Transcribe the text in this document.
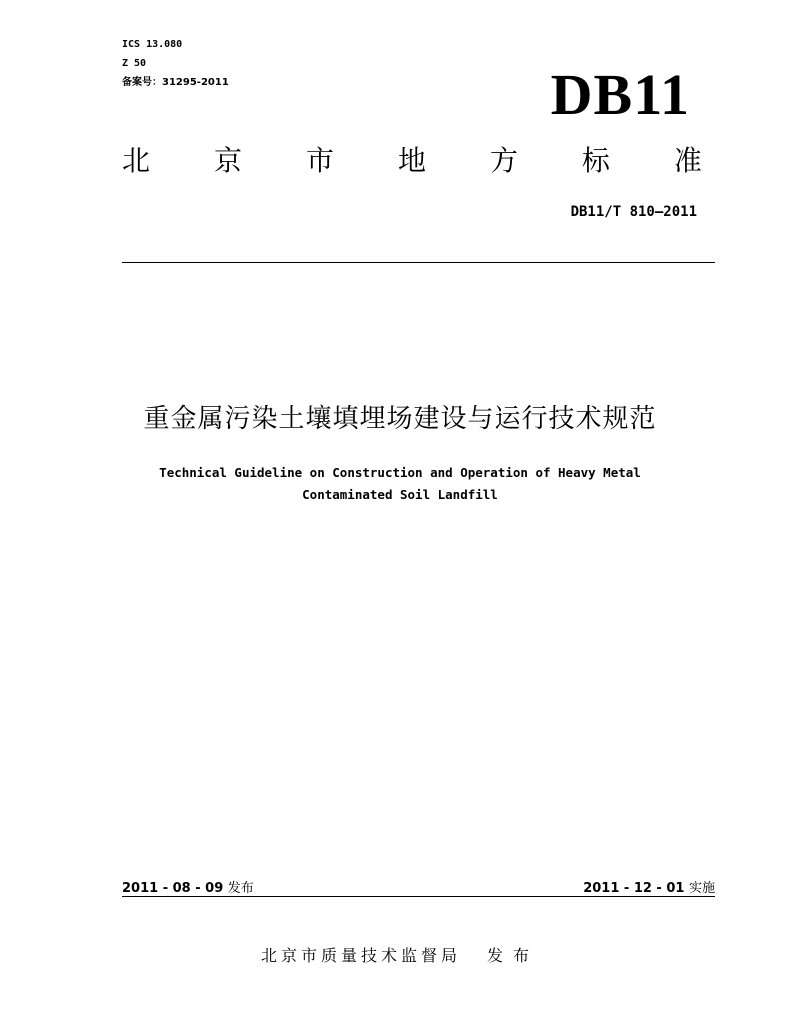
ICS 13.080
Z 50
备案号：31295-2011	DB11
北 京 市 地 方 标 准
DB11/T 810—2011
重金属污染土壤填埋场建设与运行技术规范
Technical Guideline on Construction and Operation of Heavy Metal
Contaminated Soil Landfill
2011 - 08 - 09 发布	2011 - 12 - 01 实施
北京市质量技术监督局 发布
